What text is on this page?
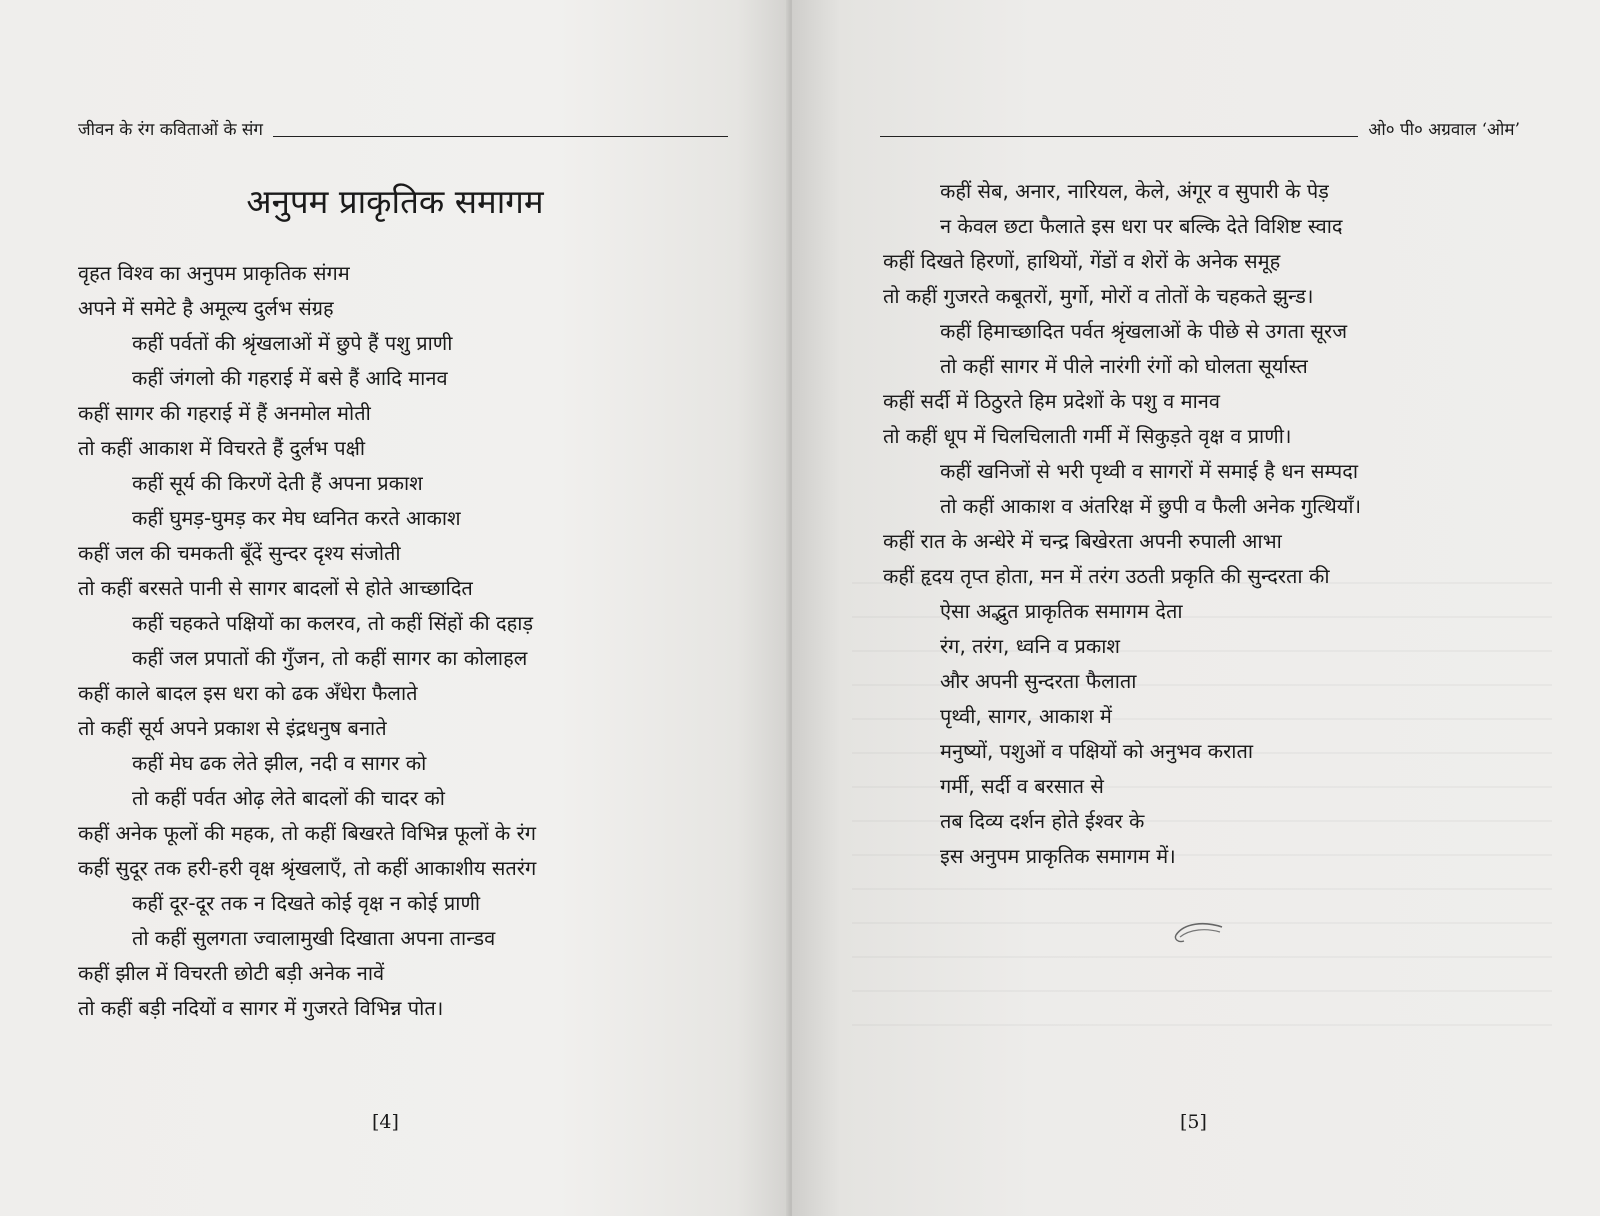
जीवन के रंग कविताओं के संग
अनुपम प्राकृतिक समागम
वृहत विश्व का अनुपम प्राकृतिक संगम
अपने में समेटे है अमूल्य दुर्लभ संग्रह
कहीं पर्वतों की श्रृंखलाओं में छुपे हैं पशु प्राणी
कहीं जंगलो की गहराई में बसे हैं आदि मानव
कहीं सागर की गहराई में हैं अनमोल मोती
तो कहीं आकाश में विचरते हैं दुर्लभ पक्षी
कहीं सूर्य की किरणें देती हैं अपना प्रकाश
कहीं घुमड़-घुमड़ कर मेघ ध्वनित करते आकाश
कहीं जल की चमकती बूँदें सुन्दर दृश्य संजोती
तो कहीं बरसते पानी से सागर बादलों से होते आच्छादित
कहीं चहकते पक्षियों का कलरव, तो कहीं सिंहों की दहाड़
कहीं जल प्रपातों की गुँजन, तो कहीं सागर का कोलाहल
कहीं काले बादल इस धरा को ढक अँधेरा फैलाते
तो कहीं सूर्य अपने प्रकाश से इंद्रधनुष बनाते
कहीं मेघ ढक लेते झील, नदी व सागर को
तो कहीं पर्वत ओढ़ लेते बादलों की चादर को
कहीं अनेक फूलों की महक, तो कहीं बिखरते विभिन्न फूलों के रंग
कहीं सुदूर तक हरी-हरी वृक्ष श्रृंखलाएँ, तो कहीं आकाशीय सतरंग
कहीं दूर-दूर तक न दिखते कोई वृक्ष न कोई प्राणी
तो कहीं सुलगता ज्वालामुखी दिखाता अपना तान्डव
कहीं झील में विचरती छोटी बड़ी अनेक नावें
तो कहीं बड़ी नदियों व सागर में गुजरते विभिन्न पोत।
[4]
ओ० पी० अग्रवाल ‘ओम’
कहीं सेब, अनार, नारियल, केले, अंगूर व सुपारी के पेड़
न केवल छटा फैलाते इस धरा पर बल्कि देते विशिष्ट स्वाद
कहीं दिखते हिरणों, हाथियों, गेंडों व शेरों के अनेक समूह
तो कहीं गुजरते कबूतरों, मुर्गो, मोरों व तोतों के चहकते झुन्ड।
कहीं हिमाच्छादित पर्वत श्रृंखलाओं के पीछे से उगता सूरज
तो कहीं सागर में पीले नारंगी रंगों को घोलता सूर्यास्त
कहीं सर्दी में ठिठुरते हिम प्रदेशों के पशु व मानव
तो कहीं धूप में चिलचिलाती गर्मी में सिकुड़ते वृक्ष व प्राणी।
कहीं खनिजों से भरी पृथ्वी व सागरों में समाई है धन सम्पदा
तो कहीं आकाश व अंतरिक्ष में छुपी व फैली अनेक गुत्थियाँ।
कहीं रात के अन्धेरे में चन्द्र बिखेरता अपनी रुपाली आभा
कहीं हृदय तृप्त होता, मन में तरंग उठती प्रकृति की सुन्दरता की
ऐसा अद्भुत प्राकृतिक समागम देता
रंग, तरंग, ध्वनि व प्रकाश
और अपनी सुन्दरता फैलाता
पृथ्वी, सागर, आकाश में
मनुष्यों, पशुओं व पक्षियों को अनुभव कराता
गर्मी, सर्दी व बरसात से
तब दिव्य दर्शन होते ईश्वर के
इस अनुपम प्राकृतिक समागम में।
[5]
